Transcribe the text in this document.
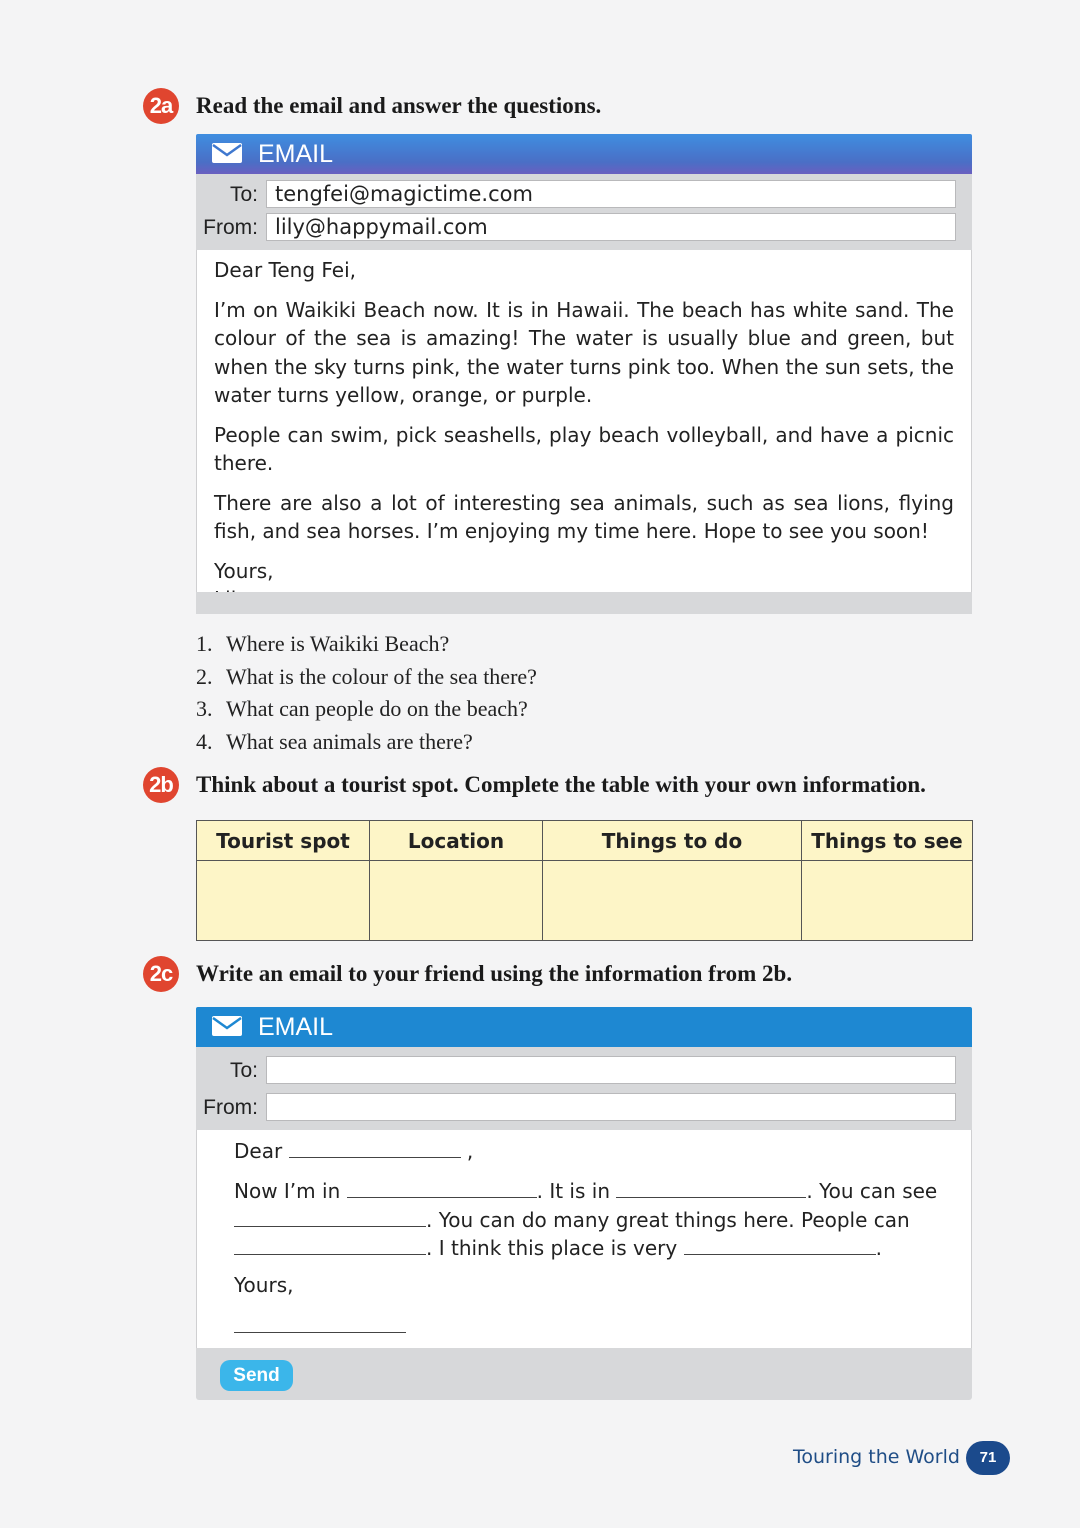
2a Read the email and answer the questions.
EMAIL
To: tengfei@magictime.com
From: lily@happymail.com

Dear Teng Fei,

I’m on Waikiki Beach now. It is in Hawaii. The beach has white sand. The colour of the sea is amazing! The water is usually blue and green, but when the sky turns pink, the water turns pink too. When the sun sets, the water turns yellow, orange, or purple.

People can swim, pick seashells, play beach volleyball, and have a picnic there.

There are also a lot of interesting sea animals, such as sea lions, flying fish, and sea horses. I’m enjoying my time here. Hope to see you soon!

Yours,

1. Where is Waikiki Beach?
2. What is the colour of the sea there?
3. What can people do on the beach?
4. What sea animals are there?
2b Think about a tourist spot. Complete the table with your own information.
Tourist spot	Location	Things to do	Things to see

2c Write an email to your friend using the information from 2b.
EMAIL
To:
From:
Dear	,
Now I’m in	. It is in	. You can see
. You can do many great things here. People can
. I think this place is very	.
Yours,
Send
Touring the World	71
